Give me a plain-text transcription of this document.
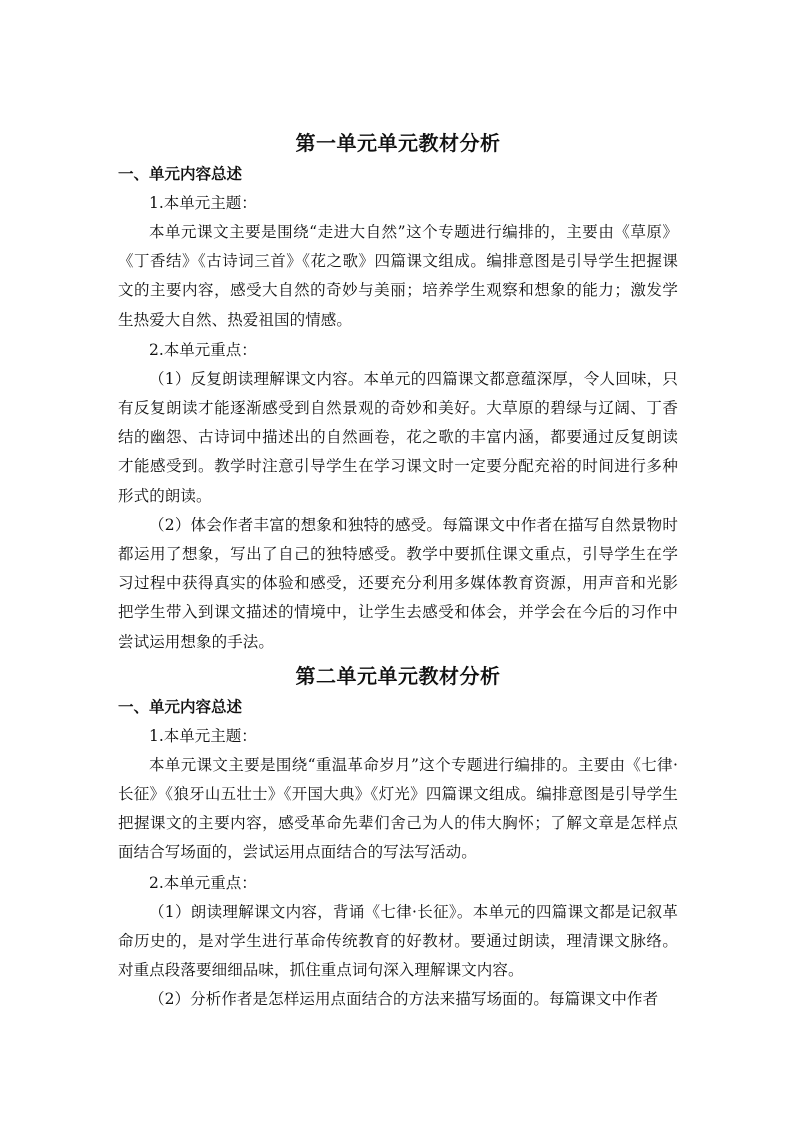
第一单元单元教材分析
一、单元内容总述

1.本单元主题：

本单元课文主要是围绕“走进大自然”这个专题进行编排的，主要由《草原》《丁香结》《古诗词三首》《花之歌》四篇课文组成。编排意图是引导学生把握课文的主要内容，感受大自然的奇妙与美丽；培养学生观察和想象的能力；激发学生热爱大自然、热爱祖国的情感。

2.本单元重点：

（1）反复朗读理解课文内容。本单元的四篇课文都意蕴深厚，令人回味，只有反复朗读才能逐渐感受到自然景观的奇妙和美好。大草原的碧绿与辽阔、丁香结的幽怨、古诗词中描述出的自然画卷，花之歌的丰富内涵，都要通过反复朗读才能感受到。教学时注意引导学生在学习课文时一定要分配充裕的时间进行多种形式的朗读。

（2）体会作者丰富的想象和独特的感受。每篇课文中作者在描写自然景物时都运用了想象，写出了自己的独特感受。教学中要抓住课文重点，引导学生在学习过程中获得真实的体验和感受，还要充分利用多媒体教育资源，用声音和光影把学生带入到课文描述的情境中，让学生去感受和体会，并学会在今后的习作中尝试运用想象的手法。

第二单元单元教材分析
一、单元内容总述

1.本单元主题：

本单元课文主要是围绕“重温革命岁月”这个专题进行编排的。主要由《七律·长征》《狼牙山五壮士》《开国大典》《灯光》四篇课文组成。编排意图是引导学生把握课文的主要内容，感受革命先辈们舍己为人的伟大胸怀；了解文章是怎样点面结合写场面的，尝试运用点面结合的写法写活动。

2.本单元重点：

（1）朗读理解课文内容，背诵《七律·长征》。本单元的四篇课文都是记叙革命历史的，是对学生进行革命传统教育的好教材。要通过朗读，理清课文脉络。对重点段落要细细品味，抓住重点词句深入理解课文内容。

（2）分析作者是怎样运用点面结合的方法来描写场面的。每篇课文中作者
